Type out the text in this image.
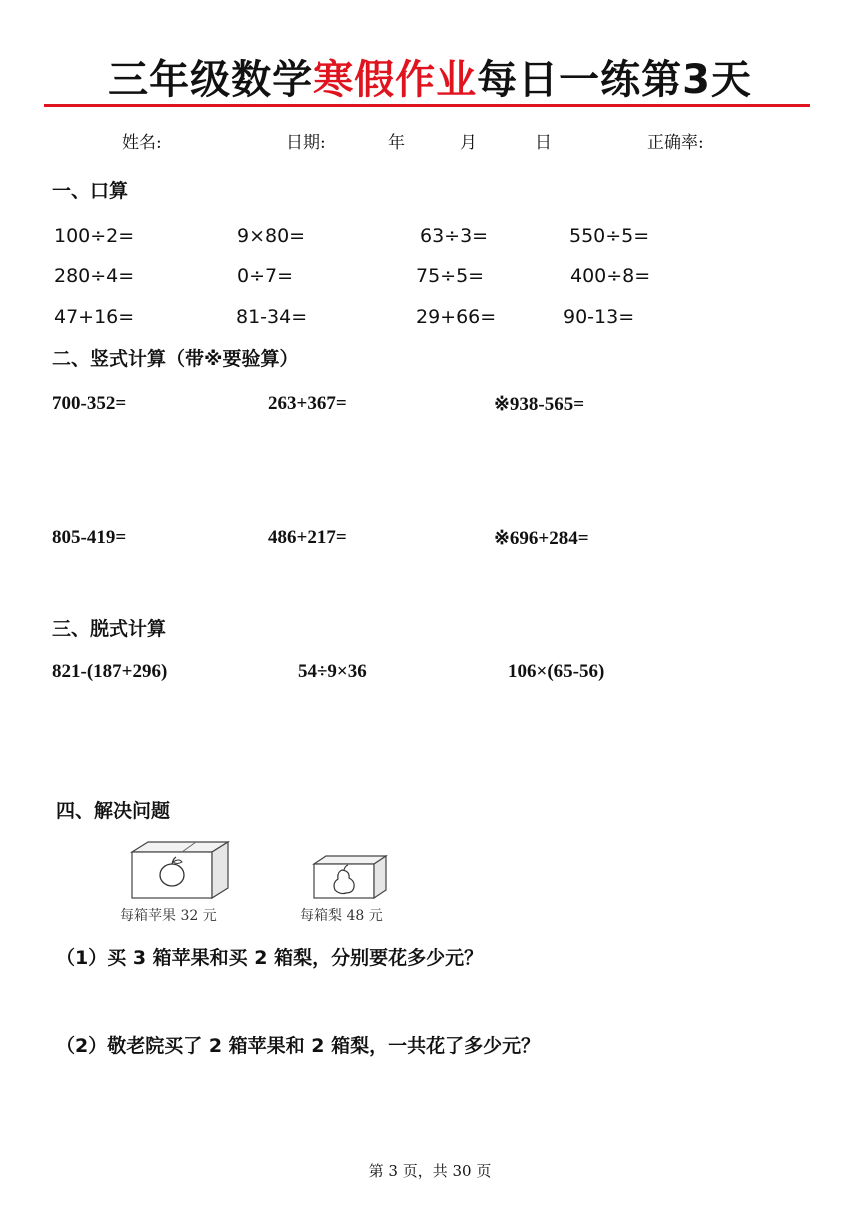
三年级数学寒假作业每日一练第3天
姓名:	日期:	年	月	日	正确率:
一、口算
100÷2=	9×80=	63÷3=	550÷5=
280÷4=	0÷7=	75÷5=	400÷8=
47+16=	81-34=	29+66=	90-13=
二、竖式计算（带※要验算）
700-352=	263+367=	※938-565=
805-419=	486+217=	※696+284=
三、脱式计算
821-(187+296)	54÷9×36	106×(65-56)
四、解决问题
每箱苹果 32 元	每箱梨 48 元
（1）买 3 箱苹果和买 2 箱梨，分别要花多少元？
（2）敬老院买了 2 箱苹果和 2 箱梨，一共花了多少元？
第 3 页，共 30 页
